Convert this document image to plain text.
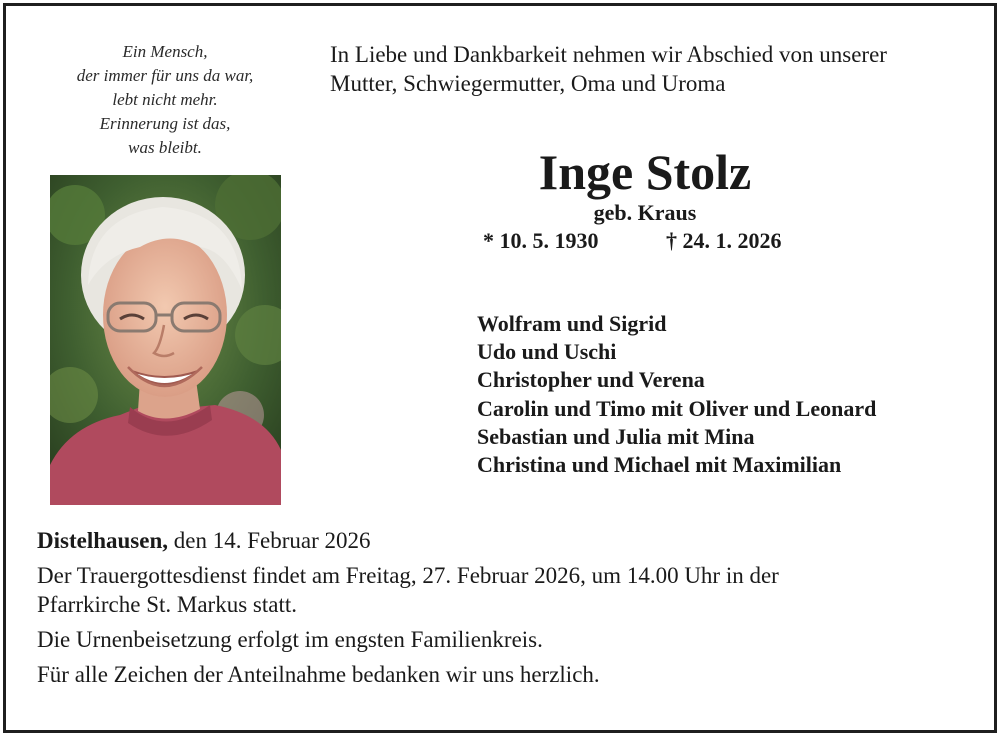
Ein Mensch,
der immer für uns da war,
lebt nicht mehr.
Erinnerung ist das,
was bleibt.
In Liebe und Dankbarkeit nehmen wir Abschied von unserer
Mutter, Schwiegermutter, Oma und Uroma
Inge Stolz
geb. Kraus
* 10. 5. 1930	† 24. 1. 2026
Wolfram und Sigrid
Udo und Uschi
Christopher und Verena
Carolin und Timo mit Oliver und Leonard
Sebastian und Julia mit Mina
Christina und Michael mit Maximilian

Distelhausen, den 14. Februar 2026

Der Trauergottesdienst findet am Freitag, 27. Februar 2026, um 14.00 Uhr in der

Pfarrkirche St. Markus statt.

Die Urnenbeisetzung erfolgt im engsten Familienkreis.

Für alle Zeichen der Anteilnahme bedanken wir uns herzlich.
